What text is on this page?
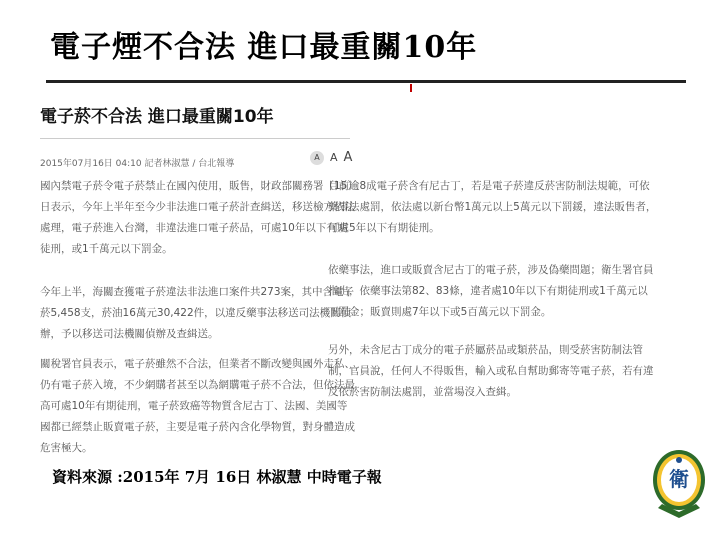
電子煙不合法 進口最重關10年
電子菸不合法 進口最重關10年
2015年07月16日 04:10 記者林淑慧 / 台北報導
A A A
國內禁電子菸令電子菸禁止在國內使用，販售，財政部關務署（15）日表示，今年上半年至今少非法進口電子菸計查緝送，移送檢方依法處理，電子菸進入台灣，非違法進口電子菸品，可處10年以下有期徒刑，或1千萬元以下罰金。
今年上半，海關查獲電子菸違法非法進口案件共273案，其中含電子菸5,458支，菸油16萬元30,422件，以違反藥事法移送司法機關偵辦，予以移送司法機關偵辦及查緝送。
關稅署官員表示，電子菸雖然不合法，但業者不斷改變與國外走私、仍有電子菸入境，不少網購者甚至以為網購電子菸不合法，但依法最高可處10年有期徒刑，電子菸致癌等物質含尼古丁、法國、美國等國都已經禁止販賣電子菸，主要是電子菸內含化學物質，對身體造成危害極大。
目前逾8成電子菸含有尼古丁，若是電子菸違反菸害防制法規範，可依藥事法處罰，依法處以新台幣1萬元以上5萬元以下罰鍰，違法販售者，可處5年以下有期徒刑。
依藥事法，進口或販賣含尼古丁的電子菸，涉及偽藥問題；衛生署官員指出，依藥事法第82、83條，違者處10年以下有期徒刑或1千萬元以下罰金；販賣則處7年以下或5百萬元以下罰金。
另外，未含尼古丁成分的電子菸屬菸品或類菸品，則受菸害防制法管制，官員說，任何人不得販售，輸入或私自幫助郵寄等電子菸，若有違反依菸害防制法處罰，並當場沒入查緝。
資料來源 :2015年 7月 16日 林淑慧 中時電子報	衛
